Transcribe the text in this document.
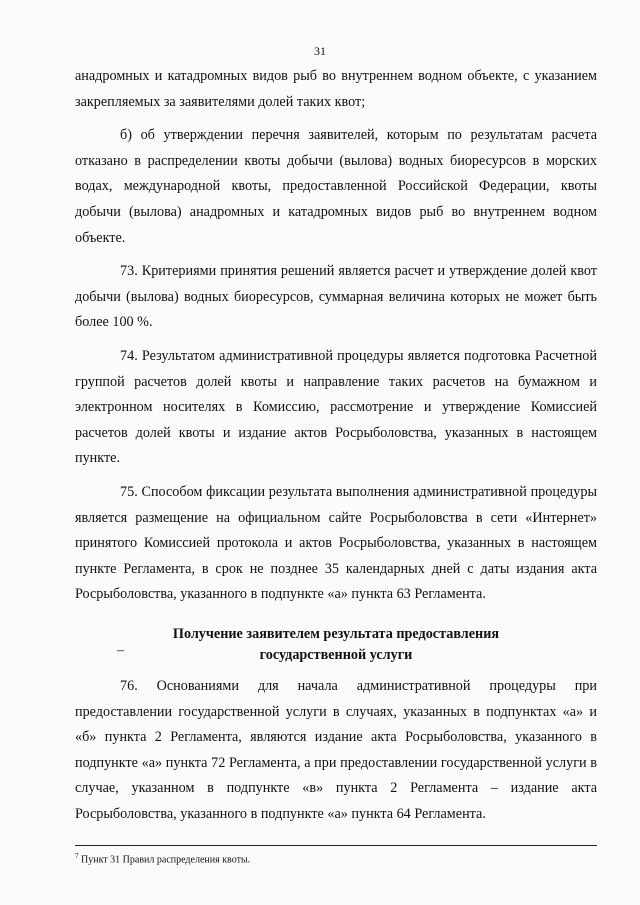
31

анадромных и катадромных видов рыб во внутреннем водном объекте, с указанием закрепляемых за заявителями долей таких квот;

б) об утверждении перечня заявителей, которым по результатам расчета отказано в распределении квоты добычи (вылова) водных биоресурсов в морских водах, международной квоты, предоставленной Российской Федерации, квоты добычи (вылова) анадромных и катадромных видов рыб во внутреннем водном объекте.

73. Критериями принятия решений является расчет и утверждение долей квот добычи (вылова) водных биоресурсов, суммарная величина которых не может быть более 100 %.

74. Результатом административной процедуры является подготовка Расчетной группой расчетов долей квоты и направление таких расчетов на бумажном и электронном носителях в Комиссию, рассмотрение и утверждение Комиссией расчетов долей квоты и издание актов Росрыболовства, указанных в настоящем пункте.

75. Способом фиксации результата выполнения административной процедуры является размещение на официальном сайте Росрыболовства в сети «Интернет» принятого Комиссией протокола и актов Росрыболовства, указанных в настоящем пункте Регламента, в срок не позднее 35 календарных дней с даты издания акта Росрыболовства, указанного в подпункте «а» пункта 63 Регламента.

Получение заявителем результата предоставления
государственной услуги
–

76. Основаниями для начала административной процедуры при предоставлении государственной услуги в случаях, указанных в подпунктах «а» и «б» пункта 2 Регламента, являются издание акта Росрыболовства, указанного в подпункте «а» пункта 72 Регламента, а при предоставлении государственной услуги в случае, указанном в подпункте «в» пункта 2 Регламента – издание акта Росрыболовства, указанного в подпункте «а» пункта 64 Регламента.

$^7$ Пункт 31 Правил распределения квоты.
